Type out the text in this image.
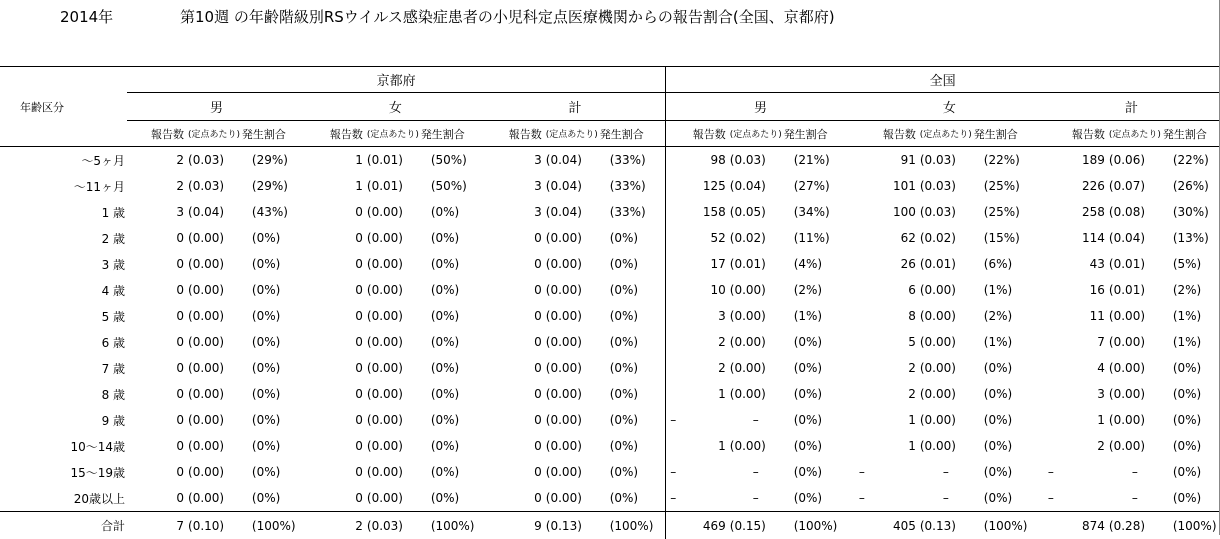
2014年	第10週 の年齢階級別RSウイルス感染症患者の小児科定点医療機関からの報告割合(全国、京都府)
年齢区分	京都府									全国								
	男			女			計			男			女			計		
	報告数	(定点あたり)	発生割合	報告数	(定点あたり)	発生割合	報告数	(定点あたり)	発生割合	報告数	(定点あたり)	発生割合	報告数	(定点あたり)	発生割合	報告数	(定点あたり)	発生割合
〜5ヶ月	2	(0.03)	(29%)	1	(0.01)	(50%)	3	(0.04)	(33%)	98	(0.03)	(21%)	91	(0.03)	(22%)	189	(0.06)	(22%)
〜11ヶ月	2	(0.03)	(29%)	1	(0.01)	(50%)	3	(0.04)	(33%)	125	(0.04)	(27%)	101	(0.03)	(25%)	226	(0.07)	(26%)
1 歳	3	(0.04)	(43%)	0	(0.00)	(0%)	3	(0.04)	(33%)	158	(0.05)	(34%)	100	(0.03)	(25%)	258	(0.08)	(30%)
2 歳	0	(0.00)	(0%)	0	(0.00)	(0%)	0	(0.00)	(0%)	52	(0.02)	(11%)	62	(0.02)	(15%)	114	(0.04)	(13%)
3 歳	0	(0.00)	(0%)	0	(0.00)	(0%)	0	(0.00)	(0%)	17	(0.01)	(4%)	26	(0.01)	(6%)	43	(0.01)	(5%)
4 歳	0	(0.00)	(0%)	0	(0.00)	(0%)	0	(0.00)	(0%)	10	(0.00)	(2%)	6	(0.00)	(1%)	16	(0.01)	(2%)
5 歳	0	(0.00)	(0%)	0	(0.00)	(0%)	0	(0.00)	(0%)	3	(0.00)	(1%)	8	(0.00)	(2%)	11	(0.00)	(1%)
6 歳	0	(0.00)	(0%)	0	(0.00)	(0%)	0	(0.00)	(0%)	2	(0.00)	(0%)	5	(0.00)	(1%)	7	(0.00)	(1%)
7 歳	0	(0.00)	(0%)	0	(0.00)	(0%)	0	(0.00)	(0%)	2	(0.00)	(0%)	2	(0.00)	(0%)	4	(0.00)	(0%)
8 歳	0	(0.00)	(0%)	0	(0.00)	(0%)	0	(0.00)	(0%)	1	(0.00)	(0%)	2	(0.00)	(0%)	3	(0.00)	(0%)
9 歳	0	(0.00)	(0%)	0	(0.00)	(0%)	0	(0.00)	(0%)	–	–	(0%)	1	(0.00)	(0%)	1	(0.00)	(0%)
10〜14歳	0	(0.00)	(0%)	0	(0.00)	(0%)	0	(0.00)	(0%)	1	(0.00)	(0%)	1	(0.00)	(0%)	2	(0.00)	(0%)
15〜19歳	0	(0.00)	(0%)	0	(0.00)	(0%)	0	(0.00)	(0%)	–	–	(0%)	–	–	(0%)	–	–	(0%)
20歳以上	0	(0.00)	(0%)	0	(0.00)	(0%)	0	(0.00)	(0%)	–	–	(0%)	–	–	(0%)	–	–	(0%)
合計	7	(0.10)	(100%)	2	(0.03)	(100%)	9	(0.13)	(100%)	469	(0.15)	(100%)	405	(0.13)	(100%)	874	(0.28)	(100%)
